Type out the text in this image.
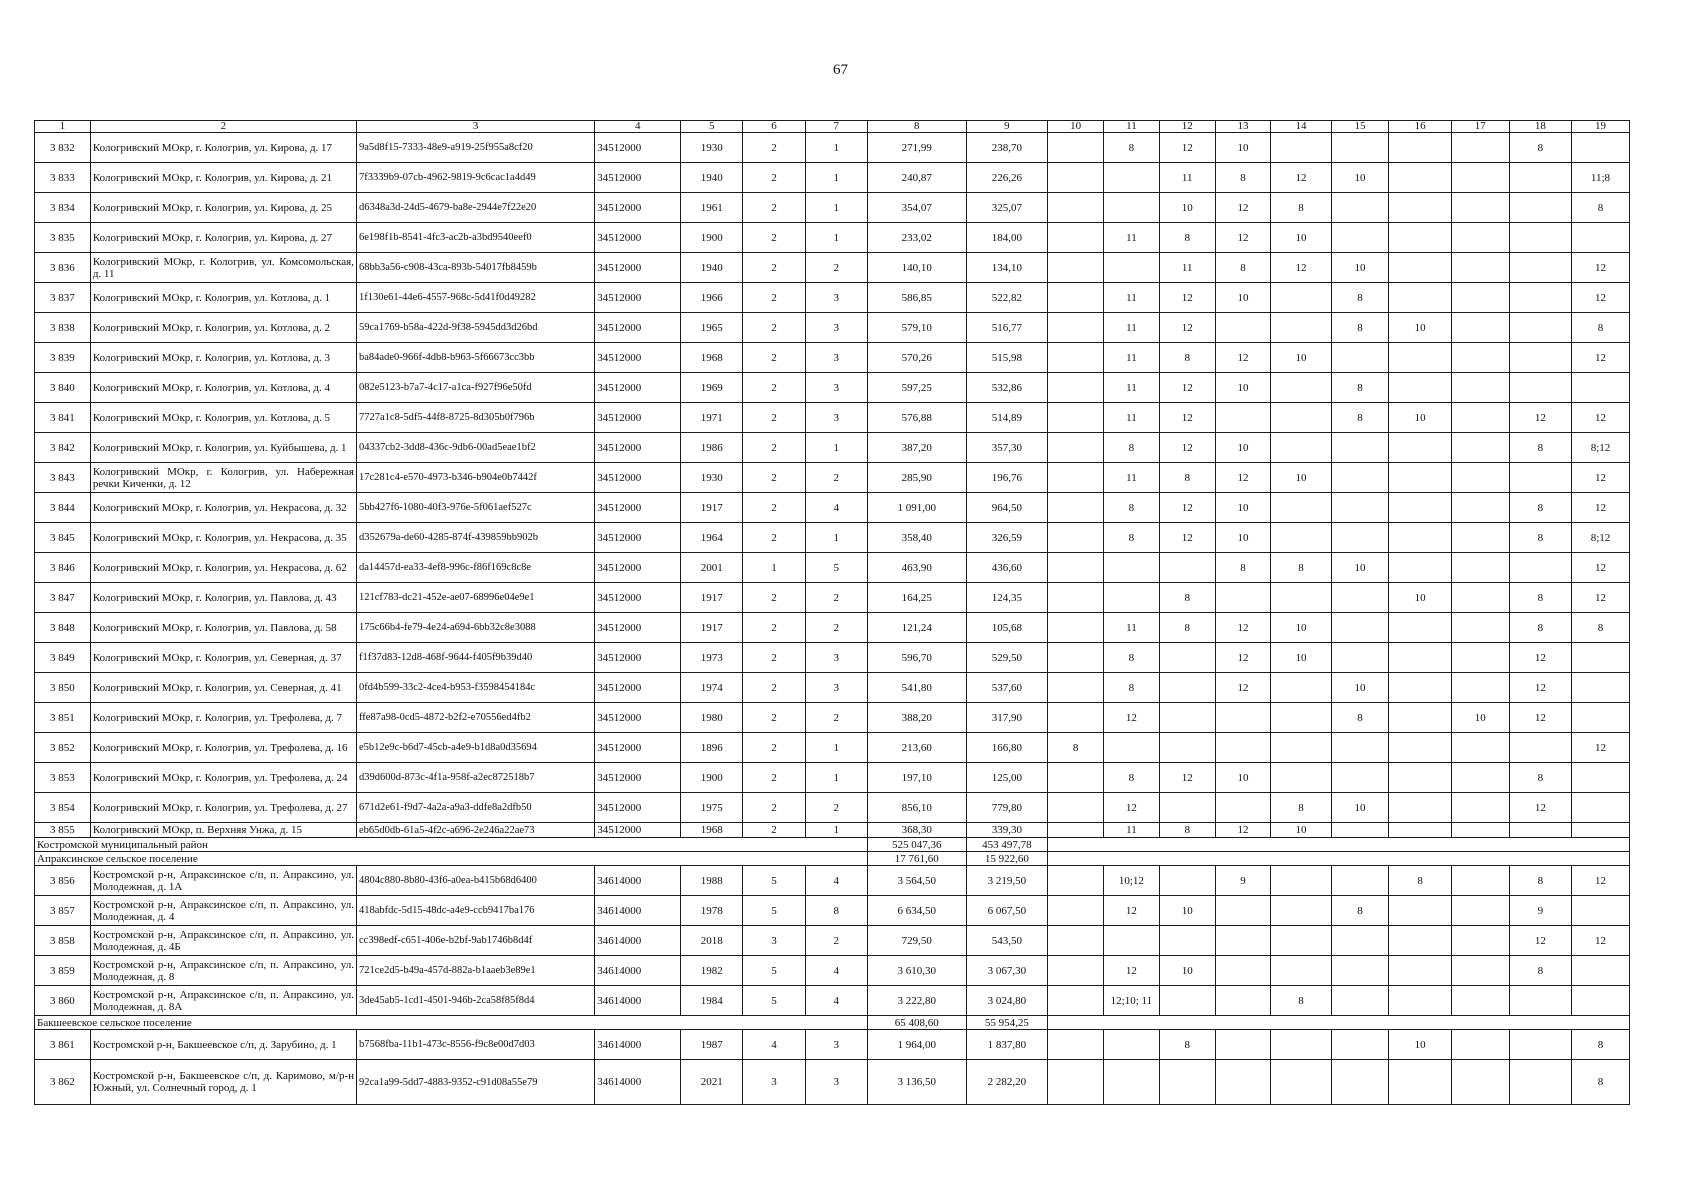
67
1	2	3	4	5	6	7	8	9	10	11	12	13	14	15	16	17	18	19
3 832	Кологривский МОкр, г. Кологрив, ул. Кирова, д. 17	9a5d8f15-7333-48e9-a919-25f955a8cf20	34512000	1930	2	1	271,99	238,70		8	12	10					8	
3 833	Кологривский МОкр, г. Кологрив, ул. Кирова, д. 21	7f3339b9-07cb-4962-9819-9c6cac1a4d49	34512000	1940	2	1	240,87	226,26			11	8	12	10				11;8
3 834	Кологривский МОкр, г. Кологрив, ул. Кирова, д. 25	d6348a3d-24d5-4679-ba8e-2944e7f22e20	34512000	1961	2	1	354,07	325,07			10	12	8					8
3 835	Кологривский МОкр, г. Кологрив, ул. Кирова, д. 27	6e198f1b-8541-4fc3-ac2b-a3bd9540eef0	34512000	1900	2	1	233,02	184,00		11	8	12	10					
3 836	Кологривский МОкр, г. Кологрив, ул. Комсомольская, д. 11	68bb3a56-c908-43ca-893b-54017fb8459b	34512000	1940	2	2	140,10	134,10			11	8	12	10				12
3 837	Кологривский МОкр, г. Кологрив, ул. Котлова, д. 1	1f130e61-44e6-4557-968c-5d41f0d49282	34512000	1966	2	3	586,85	522,82		11	12	10		8				12
3 838	Кологривский МОкр, г. Кологрив, ул. Котлова, д. 2	59ca1769-b58a-422d-9f38-5945dd3d26bd	34512000	1965	2	3	579,10	516,77		11	12			8	10			8
3 839	Кологривский МОкр, г. Кологрив, ул. Котлова, д. 3	ba84ade0-966f-4db8-b963-5f66673cc3bb	34512000	1968	2	3	570,26	515,98		11	8	12	10					12
3 840	Кологривский МОкр, г. Кологрив, ул. Котлова, д. 4	082e5123-b7a7-4c17-a1ca-f927f96e50fd	34512000	1969	2	3	597,25	532,86		11	12	10		8				
3 841	Кологривский МОкр, г. Кологрив, ул. Котлова, д. 5	7727a1c8-5df5-44f8-8725-8d305b0f796b	34512000	1971	2	3	576,88	514,89		11	12			8	10		12	12
3 842	Кологривский МОкр, г. Кологрив, ул. Куйбышева, д. 1	04337cb2-3dd8-436c-9db6-00ad5eae1bf2	34512000	1986	2	1	387,20	357,30		8	12	10					8	8;12
3 843	Кологривский МОкр, г. Кологрив, ул. Набережная речки Киченки, д. 12	17c281c4-e570-4973-b346-b904e0b7442f	34512000	1930	2	2	285,90	196,76		11	8	12	10					12
3 844	Кологривский МОкр, г. Кологрив, ул. Некрасова, д. 32	5bb427f6-1080-40f3-976e-5f061aef527c	34512000	1917	2	4	1 091,00	964,50		8	12	10					8	12
3 845	Кологривский МОкр, г. Кологрив, ул. Некрасова, д. 35	d352679a-de60-4285-874f-439859bb902b	34512000	1964	2	1	358,40	326,59		8	12	10					8	8;12
3 846	Кологривский МОкр, г. Кологрив, ул. Некрасова, д. 62	da14457d-ea33-4ef8-996c-f86f169c8c8e	34512000	2001	1	5	463,90	436,60				8	8	10				12
3 847	Кологривский МОкр, г. Кологрив, ул. Павлова, д. 43	121cf783-dc21-452e-ae07-68996e04e9e1	34512000	1917	2	2	164,25	124,35			8				10		8	12
3 848	Кологривский МОкр, г. Кологрив, ул. Павлова, д. 58	175c66b4-fe79-4e24-a694-6bb32c8e3088	34512000	1917	2	2	121,24	105,68		11	8	12	10				8	8
3 849	Кологривский МОкр, г. Кологрив, ул. Северная, д. 37	f1f37d83-12d8-468f-9644-f405f9b39d40	34512000	1973	2	3	596,70	529,50		8		12	10				12	
3 850	Кологривский МОкр, г. Кологрив, ул. Северная, д. 41	0fd4b599-33c2-4ce4-b953-f3598454184c	34512000	1974	2	3	541,80	537,60		8		12		10			12	
3 851	Кологривский МОкр, г. Кологрив, ул. Трефолева, д. 7	ffe87a98-0cd5-4872-b2f2-e70556ed4fb2	34512000	1980	2	2	388,20	317,90		12				8		10	12	
3 852	Кологривский МОкр, г. Кологрив, ул. Трефолева, д. 16	e5b12e9c-b6d7-45cb-a4e9-b1d8a0d35694	34512000	1896	2	1	213,60	166,80	8									12
3 853	Кологривский МОкр, г. Кологрив, ул. Трефолева, д. 24	d39d600d-873c-4f1a-958f-a2ec872518b7	34512000	1900	2	1	197,10	125,00		8	12	10					8	
3 854	Кологривский МОкр, г. Кологрив, ул. Трефолева, д. 27	671d2e61-f9d7-4a2a-a9a3-ddfe8a2dfb50	34512000	1975	2	2	856,10	779,80		12			8	10			12	
3 855	Кологривский МОкр, п. Верхняя Унжа, д. 15	eb65d0db-61a5-4f2c-a696-2e246a22ae73	34512000	1968	2	1	368,30	339,30		11	8	12	10					
Костромской муниципальный район							525 047,36	453 497,78										
Апраксинское сельское поселение							17 761,60	15 922,60										
3 856	Костромской р-н, Апраксинское с/п, п. Апраксино, ул. Молодежная, д. 1А	4804c880-8b80-43f6-a0ea-b415b68d6400	34614000	1988	5	4	3 564,50	3 219,50		10;12		9			8		8	12
3 857	Костромской р-н, Апраксинское с/п, п. Апраксино, ул. Молодежная, д. 4	418abfdc-5d15-48dc-a4e9-ccb9417ba176	34614000	1978	5	8	6 634,50	6 067,50		12	10			8			9	
3 858	Костромской р-н, Апраксинское с/п, п. Апраксино, ул. Молодежная, д. 4Б	cc398edf-c651-406e-b2bf-9ab1746b8d4f	34614000	2018	3	2	729,50	543,50									12	12
3 859	Костромской р-н, Апраксинское с/п, п. Апраксино, ул. Молодежная, д. 8	721ce2d5-b49a-457d-882a-b1aaeb3e89e1	34614000	1982	5	4	3 610,30	3 067,30		12	10						8	
3 860	Костромской р-н, Апраксинское с/п, п. Апраксино, ул. Молодежная, д. 8А	3de45ab5-1cd1-4501-946b-2ca58f85f8d4	34614000	1984	5	4	3 222,80	3 024,80		12;10; 11			8					
Бакшеевское сельское поселение							65 408,60	55 954,25										
3 861	Костромской р-н, Бакшеевское с/п, д. Зарубино, д. 1	b7568fba-11b1-473c-8556-f9c8e00d7d03	34614000	1987	4	3	1 964,00	1 837,80			8				10			8
3 862	Костромской р-н, Бакшеевское с/п, д. Каримово, м/р-н Южный, ул. Солнечный город, д. 1	92ca1a99-5dd7-4883-9352-c91d08a55e79	34614000	2021	3	3	3 136,50	2 282,20										8
